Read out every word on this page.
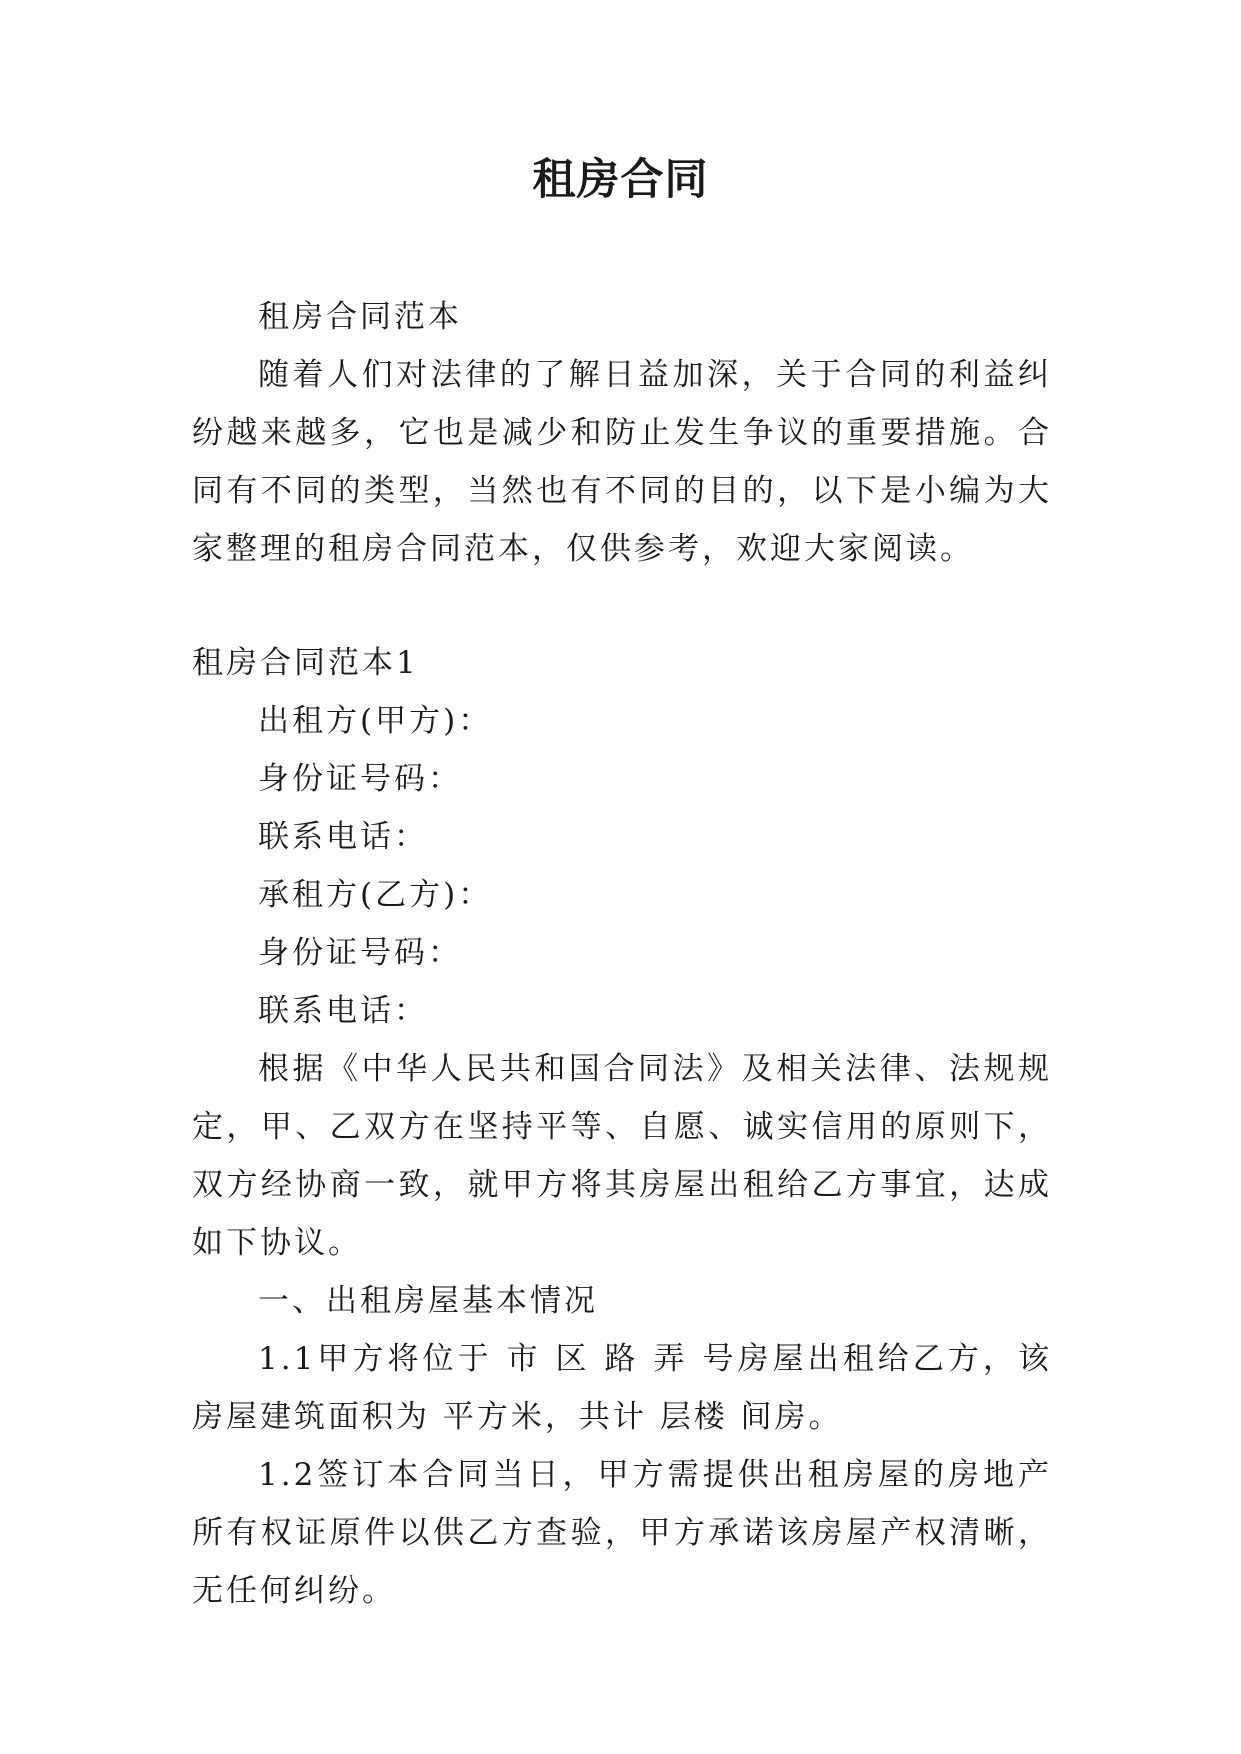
租房合同

租房合同范本

随着人们对法律的了解日益加深，关于合同的利益纠纷越来越多，它也是减少和防止发生争议的重要措施。合同有不同的类型，当然也有不同的目的，以下是小编为大家整理的租房合同范本，仅供参考，欢迎大家阅读。

租房合同范本1

出租方(甲方)：

身份证号码：

联系电话：

承租方(乙方)：

身份证号码：

联系电话：

根据《中华人民共和国合同法》及相关法律、法规规定，甲、乙双方在坚持平等、自愿、诚实信用的原则下，双方经协商一致，就甲方将其房屋出租给乙方事宜，达成如下协议。

一、出租房屋基本情况

1.1甲方将位于 市 区 路 弄 号房屋出租给乙方，该房屋建筑面积为 平方米，共计 层楼 间房。

1.2签订本合同当日，甲方需提供出租房屋的房地产所有权证原件以供乙方查验，甲方承诺该房屋产权清晰，无任何纠纷。
